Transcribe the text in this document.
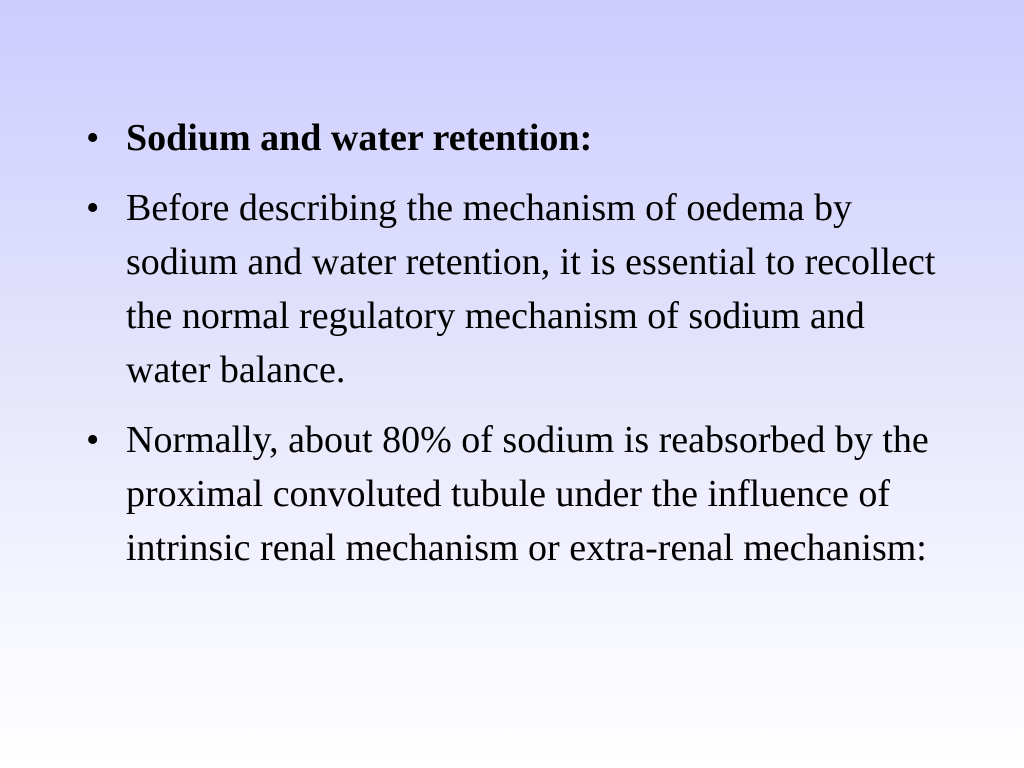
• Sodium and water retention:
• Before describing the mechanism of oedema by sodium and water retention, it is essential to recollect the normal regulatory mechanism of sodium and water balance.
• Normally, about 80% of sodium is reabsorbed by the proximal convoluted tubule under the influence of intrinsic renal mechanism or extra-renal mechanism:
